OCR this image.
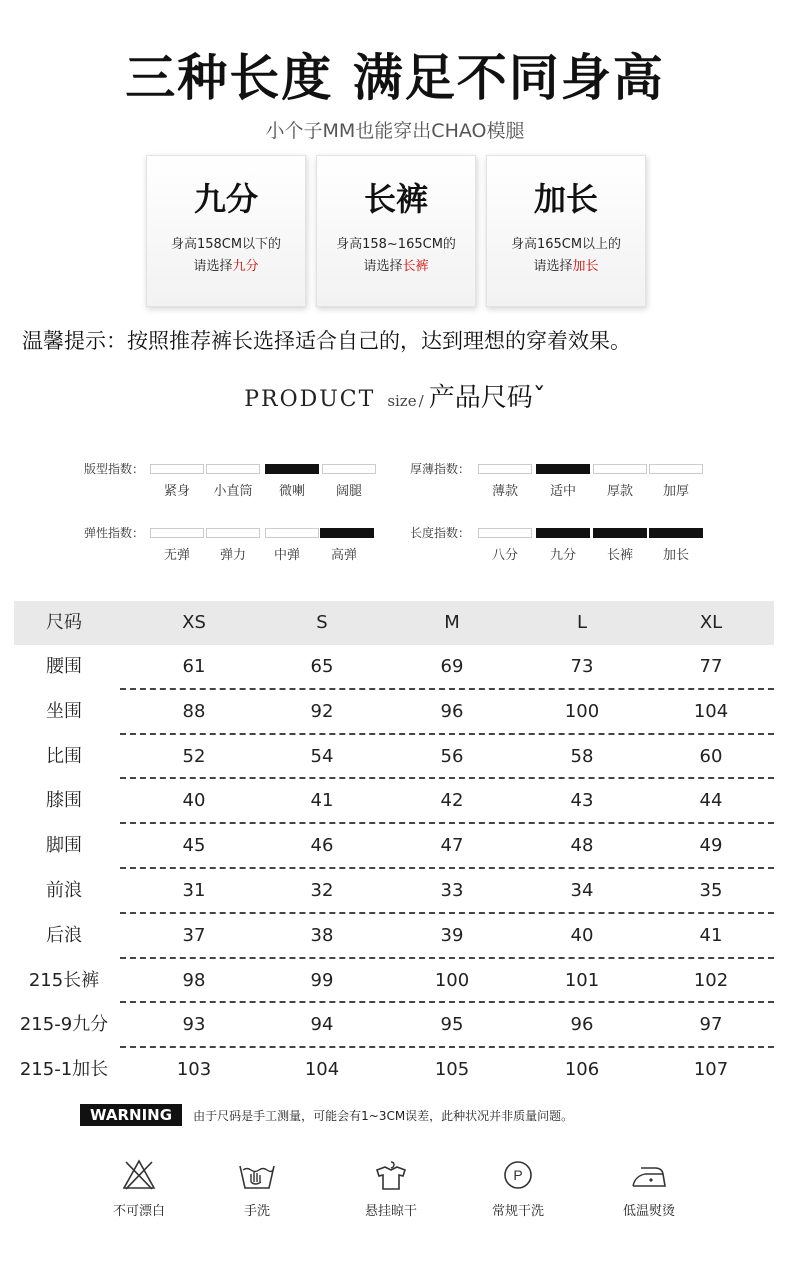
三种长度 满足不同身高
小个子MM也能穿出CHAO模腿
九分
身高158CM以下的
请选择九分
长裤
身高158~165CM的
请选择长裤
加长
身高165CM以上的
请选择加长
温馨提示：按照推荐裤长选择适合自己的，达到理想的穿着效果。
PRODUCT size / 产品尺码ˇ
版型指数：
紧身	小直筒	微喇	阔腿
厚薄指数：
薄款	适中	厚款	加厚
弹性指数：
无弹	弹力	中弹	高弹
长度指数：
八分	九分	长裤	加长
尺码	XS	S	M	L	XL
腰围	61	65	69	73	77
坐围	88	92	96	100	104
比围	52	54	56	58	60
膝围	40	41	42	43	44
脚围	45	46	47	48	49
前浪	31	32	33	34	35
后浪	37	38	39	40	41
215长裤	98	99	100	101	102
215-9九分	93	94	95	96	97
215-1加长	103	104	105	106	107
WARNING 由于尺码是手工测量，可能会有1~3CM误差，此种状况并非质量问题。
不可漂白	手洗	悬挂晾干
P
常规干洗	低温熨烫
